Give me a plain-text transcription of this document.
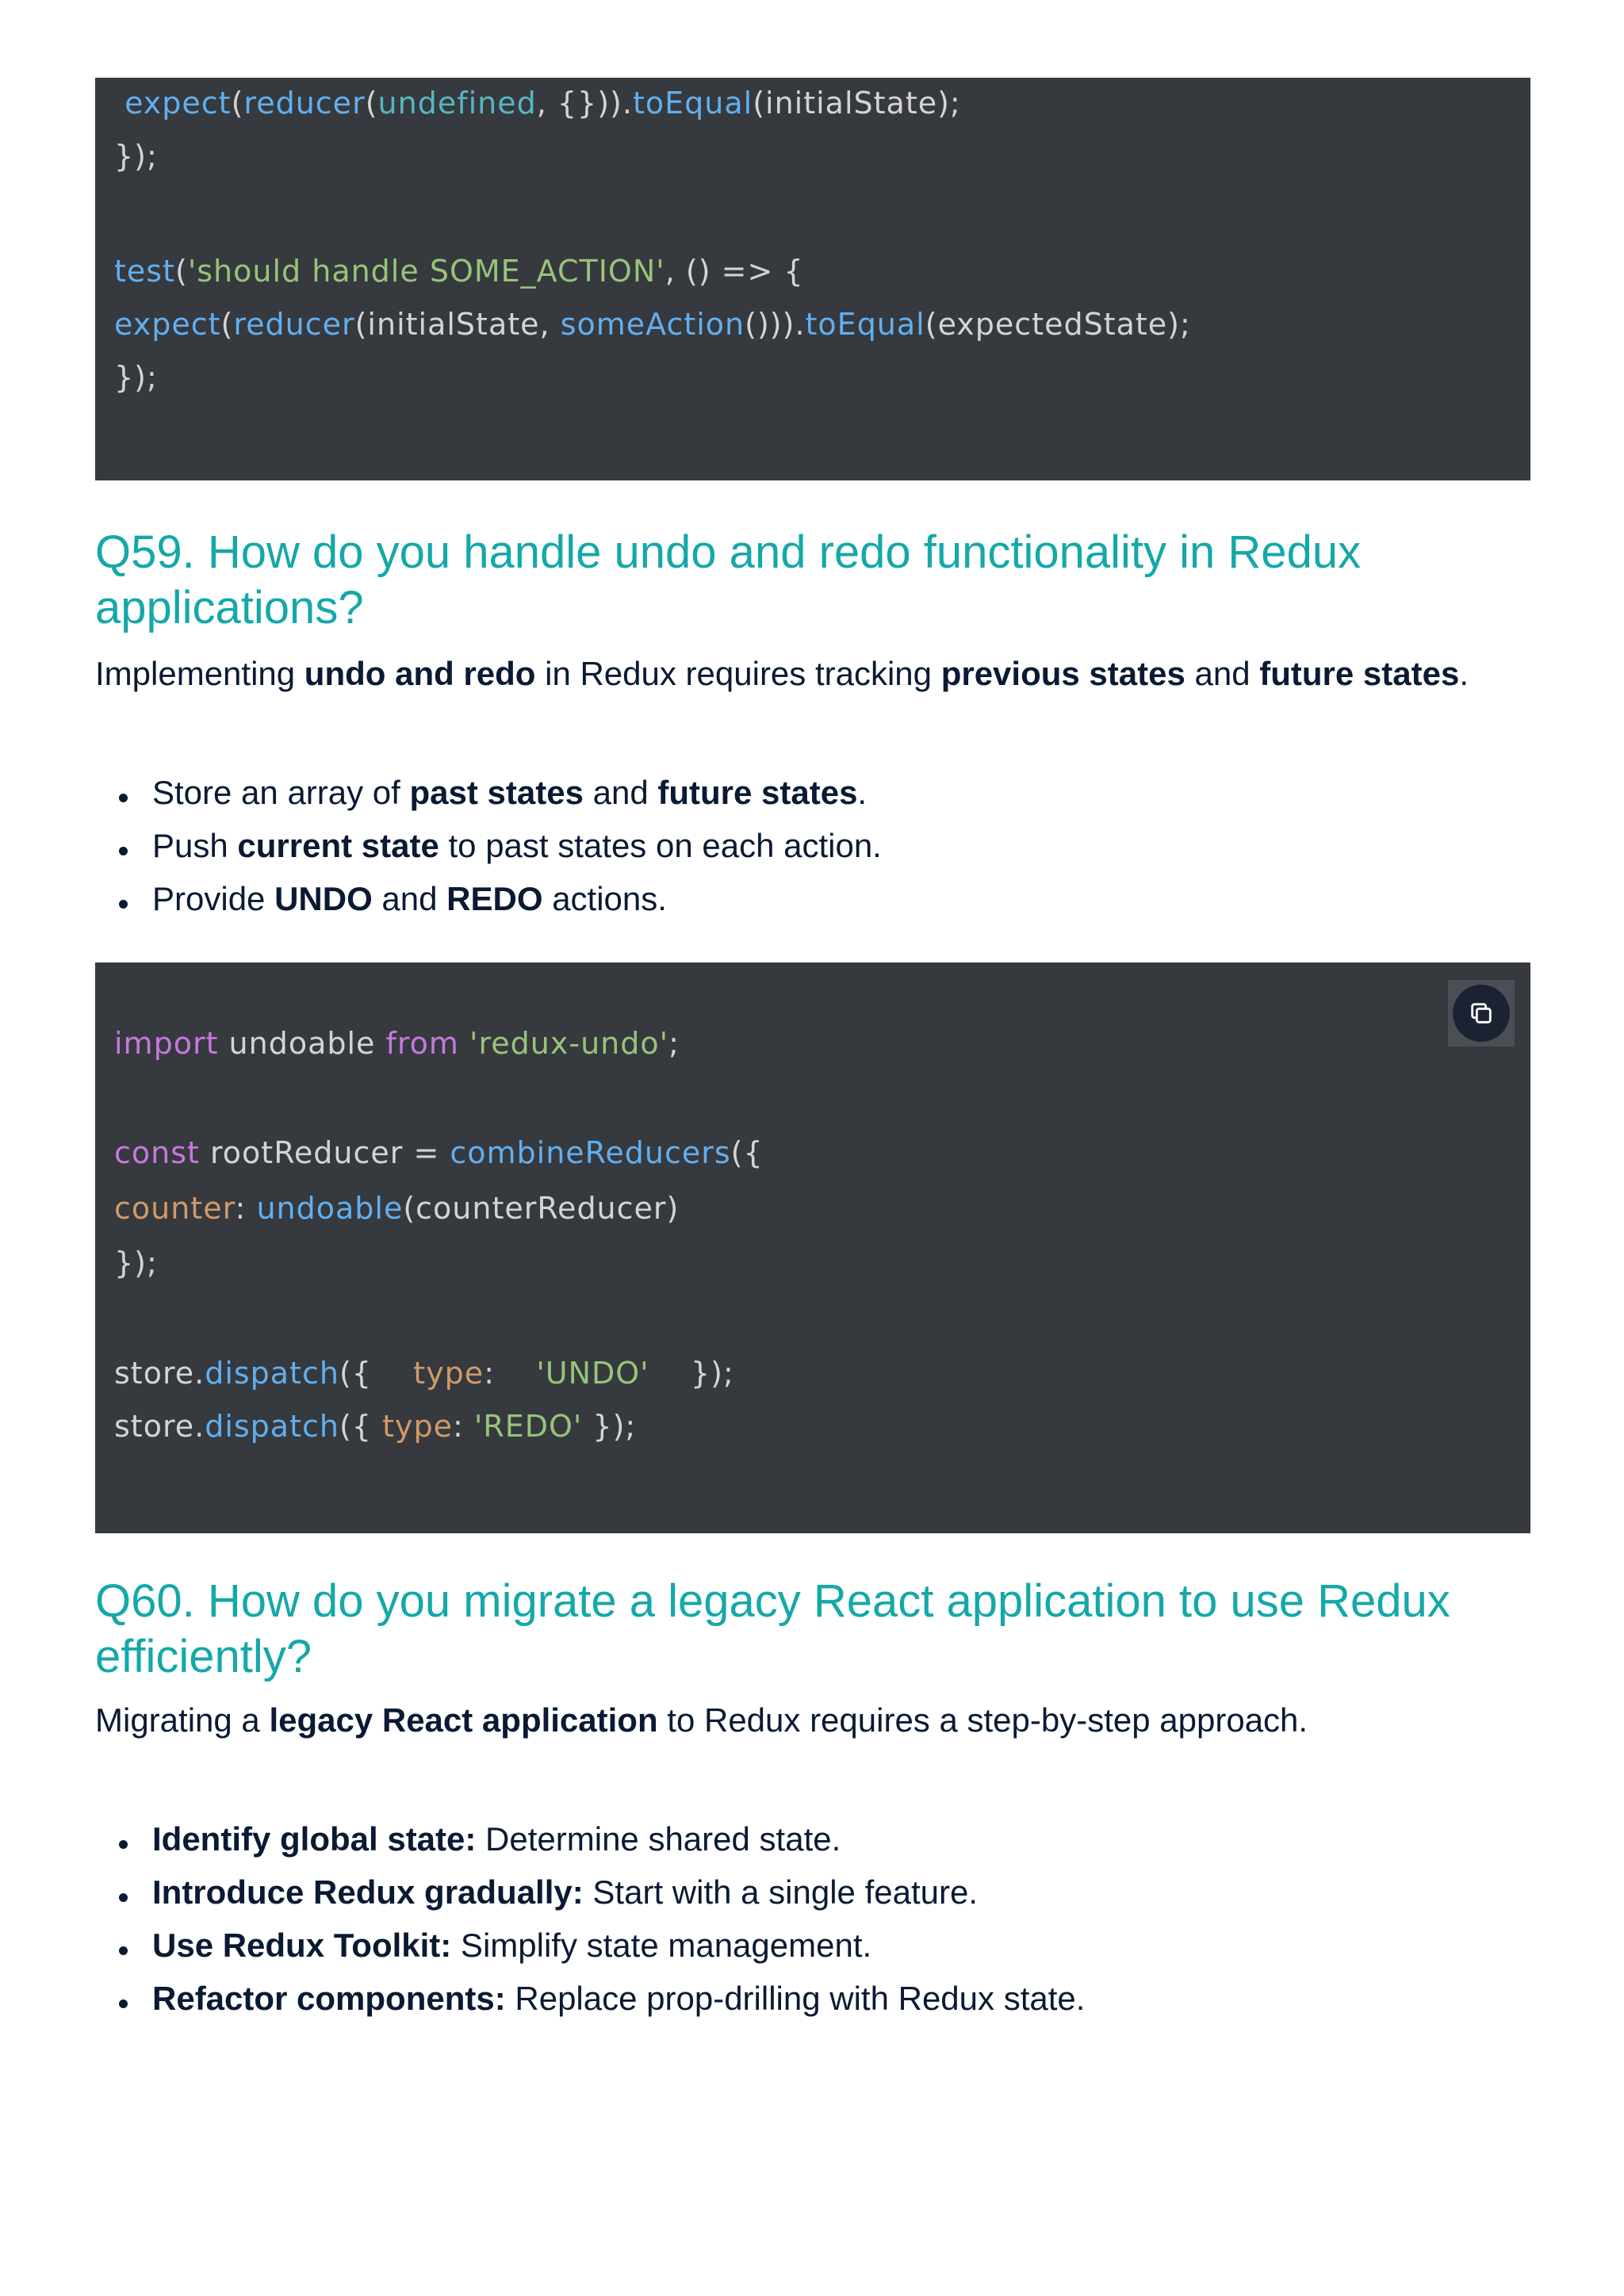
expect(reducer(undefined, {})).toEqual(initialState);
});
test('should handle SOME_ACTION', () => {
expect(reducer(initialState, someAction())).toEqual(expectedState);
});
Q59. How do you handle undo and redo functionality in Redux applications?

Implementing undo and redo in Redux requires tracking previous states and future states.

Store an array of past states and future states.
Push current state to past states on each action.
Provide UNDO and REDO actions.
import undoable from 'redux-undo';
const rootReducer = combineReducers({
counter: undoable(counterReducer)
});
store.dispatch({    type:    'UNDO'    });
store.dispatch({ type: 'REDO' });
Q60. How do you migrate a legacy React application to use Redux efficiently?

Migrating a legacy React application to Redux requires a step-by-step approach.

Identify global state: Determine shared state.
Introduce Redux gradually: Start with a single feature.
Use Redux Toolkit: Simplify state management.
Refactor components: Replace prop-drilling with Redux state.
